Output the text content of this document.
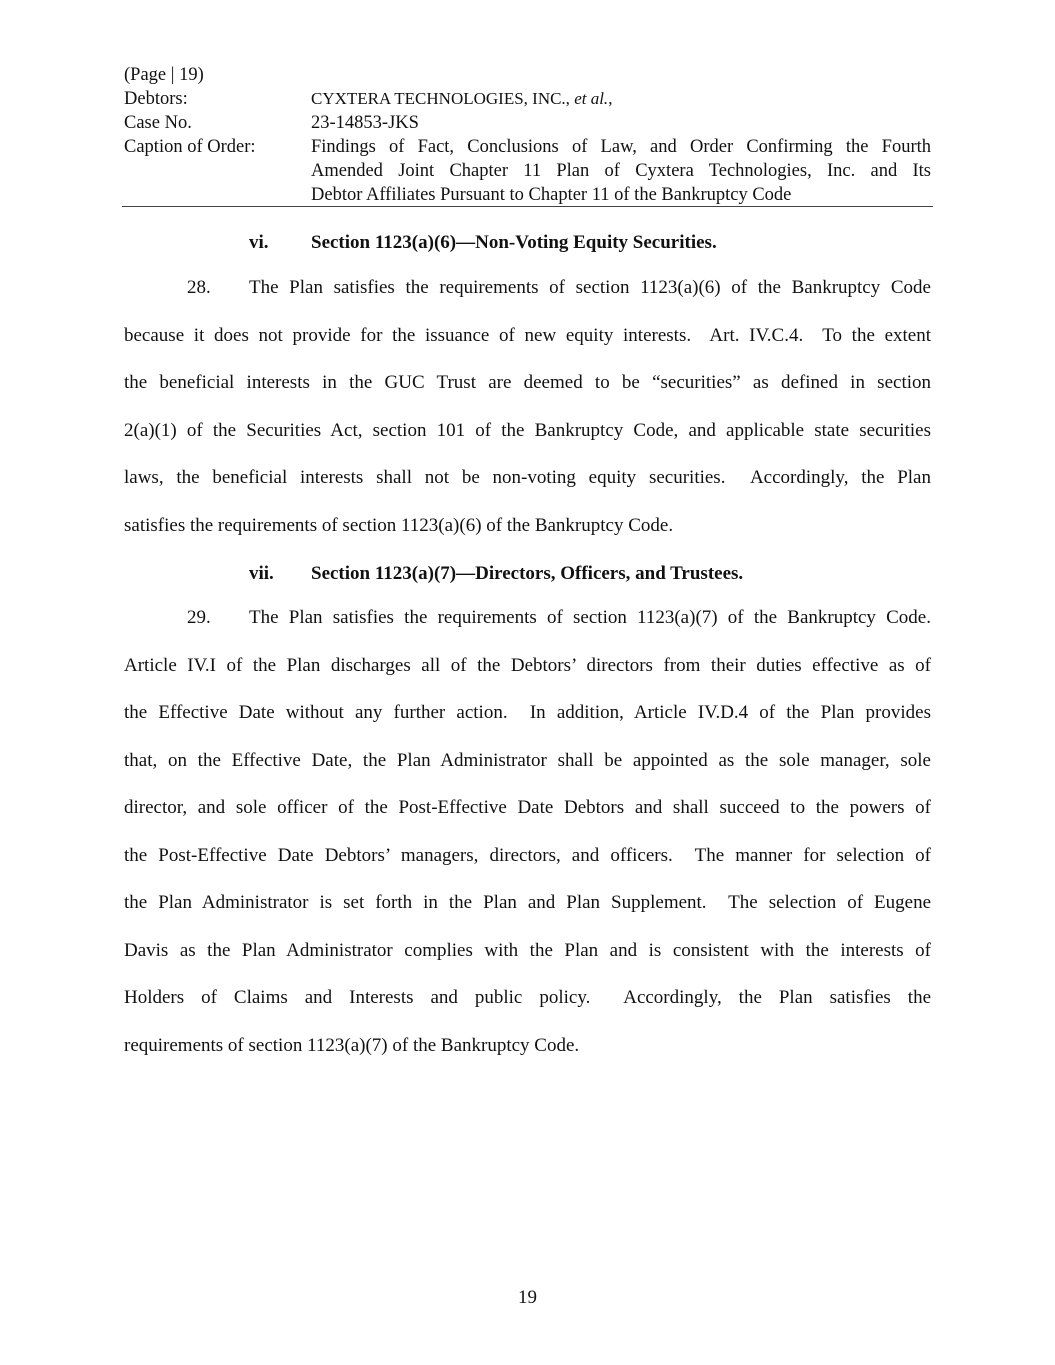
(Page | 19)
Debtors:	CYXTERA TECHNOLOGIES, INC., et al.,
Case No.	23-14853-JKS
Caption of Order:	Findings of Fact, Conclusions of Law, and Order Confirming the Fourth
Amended Joint Chapter 11 Plan of Cyxtera Technologies, Inc. and Its
Debtor Affiliates Pursuant to Chapter 11 of the Bankruptcy Code
vi. Section 1123(a)(6)—Non-Voting Equity Securities.
28.	The Plan satisfies the requirements of section 1123(a)(6) of the Bankruptcy Code
because it does not provide for the issuance of new equity interests.  Art. IV.C.4.  To the extent
the beneficial interests in the GUC Trust are deemed to be “securities” as defined in section
2(a)(1) of the Securities Act, section 101 of the Bankruptcy Code, and applicable state securities
laws, the beneficial interests shall not be non-voting equity securities.  Accordingly, the Plan
satisfies the requirements of section 1123(a)(6) of the Bankruptcy Code.
vii. Section 1123(a)(7)—Directors, Officers, and Trustees.
29.	The Plan satisfies the requirements of section 1123(a)(7) of the Bankruptcy Code.
Article IV.I of the Plan discharges all of the Debtors’ directors from their duties effective as of
the Effective Date without any further action.  In addition, Article IV.D.4 of the Plan provides
that, on the Effective Date, the Plan Administrator shall be appointed as the sole manager, sole
director, and sole officer of the Post-Effective Date Debtors and shall succeed to the powers of
the Post-Effective Date Debtors’ managers, directors, and officers.  The manner for selection of
the Plan Administrator is set forth in the Plan and Plan Supplement.  The selection of Eugene
Davis as the Plan Administrator complies with the Plan and is consistent with the interests of
Holders of Claims and Interests and public policy.  Accordingly, the Plan satisfies the
requirements of section 1123(a)(7) of the Bankruptcy Code.
19
